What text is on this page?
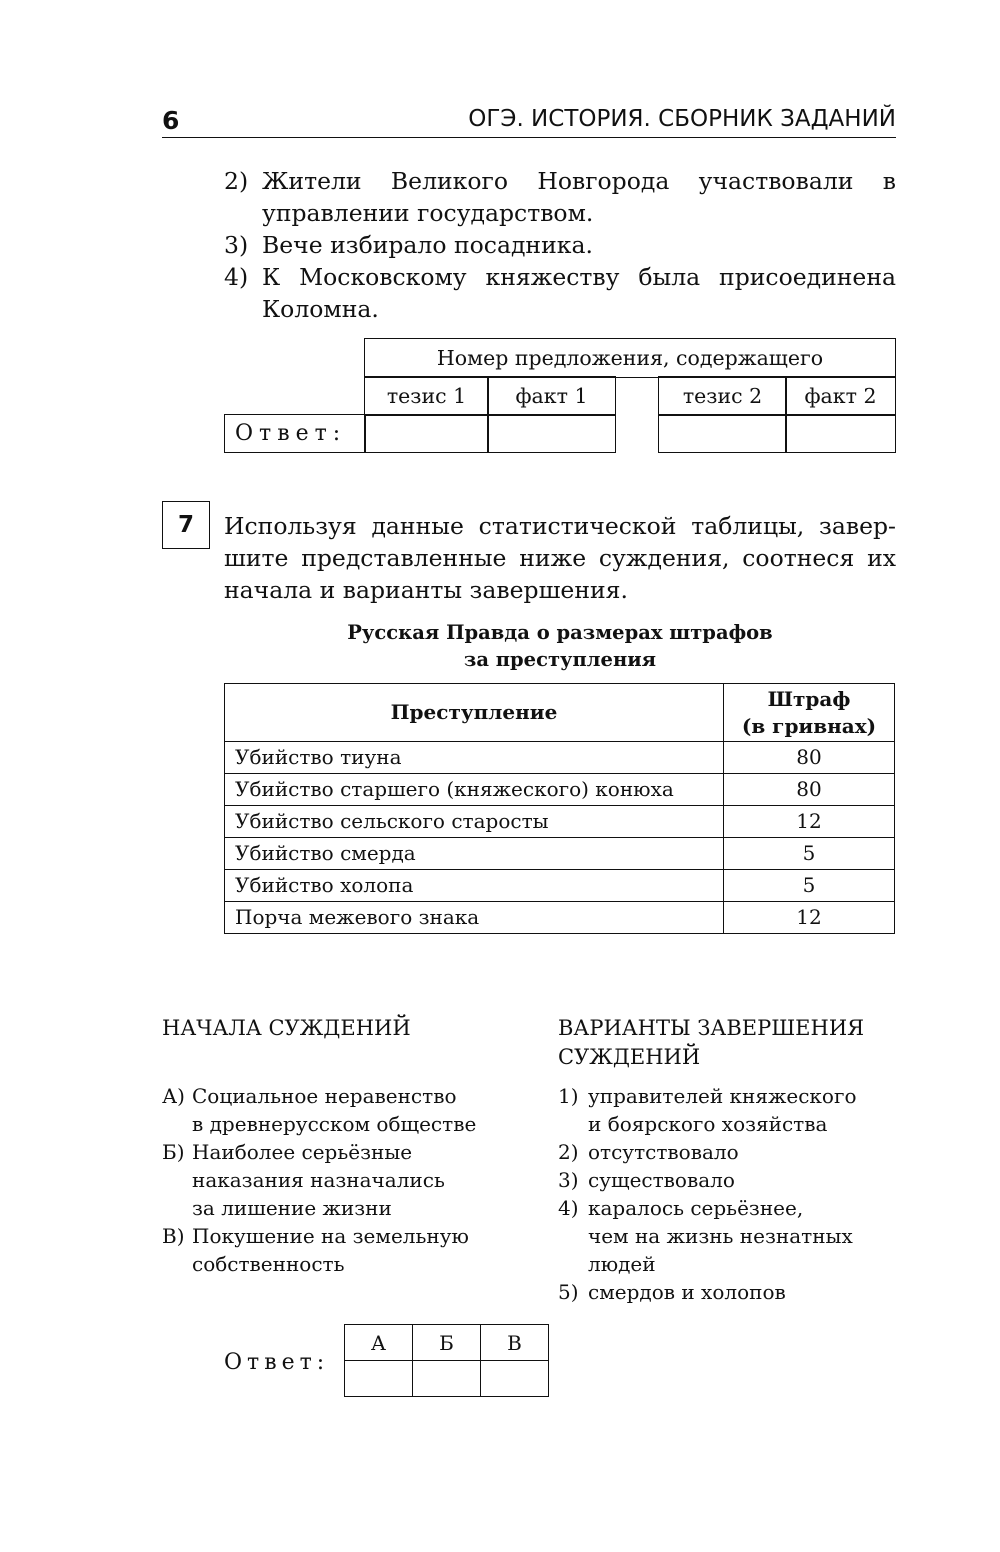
6	ОГЭ. ИСТОРИЯ. СБОРНИК ЗАДАНИЙ
2) Жители Великого Новгорода участвовали в
управлении государством.
3) Вече избирало посадника.
4) К Московскому княжеству была присоединена
Коломна.
Номер предложения, содержащего
тезис 1	факт 1	тезис 2	факт 2
Ответ:
7	Используя данные статистической таблицы, завер-
шите представленные ниже суждения, соотнеся их
начала и варианты завершения.
Русская Правда о размерах штрафов
за преступления
Преступление	Штраф
(в гривнах)

Убийство тиуна	80
Убийство старшего (княжеского) конюха	80
Убийство сельского старосты	12
Убийство смерда	5
Убийство холопа	5
Порча межевого знака	12
НАЧАЛА СУЖДЕНИЙ
А) Социальное неравенство
в древнерусском обществе
Б) Наиболее серьёзные
наказания назначались
за лишение жизни
В) Покушение на земельную
собственность
ВАРИАНТЫ ЗАВЕРШЕНИЯ
СУЖДЕНИЙ
1) управителей княжеского
и боярского хозяйства
2) отсутствовало
3) существовало
4) каралось серьёзнее,
чем на жизнь незнатных
людей
5) смердов и холопов
Ответ:
А	Б	В
